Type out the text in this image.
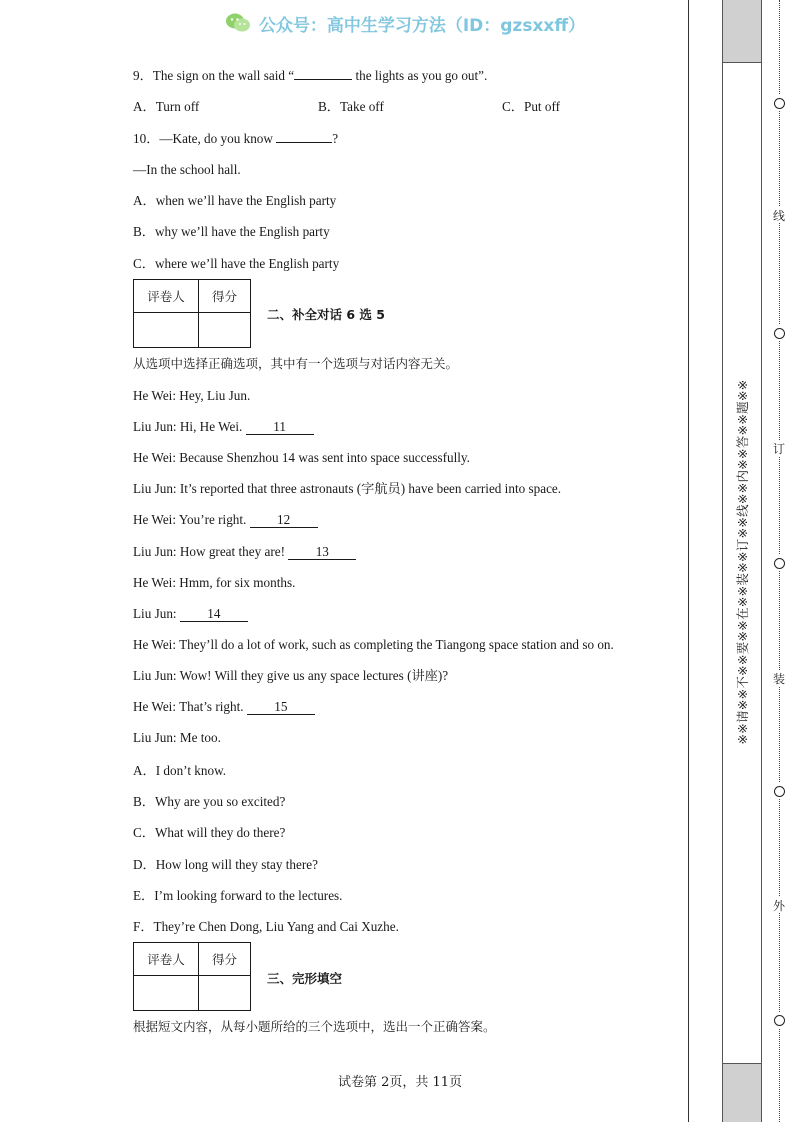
公众号：高中生学习方法（ID：gzsxxff）
9．The sign on the wall said “	the lights as you go out”.
A．Turn off	B．Take off	C．Put off
10．—Kate, do you know	?
—In the school hall.
A．when we’ll have the English party
B．why we’ll have the English party
C．where we’ll have the English party
评卷人	得分

二、补全对话 6 选 5
从选项中选择正确选项，其中有一个选项与对话内容无关。
He Wei: Hey, Liu Jun.
Liu Jun: Hi, He Wei. 11
He Wei: Because Shenzhou 14 was sent into space successfully.
Liu Jun: It’s reported that three astronauts (字航员) have been carried into space.
He Wei: You’re right. 12
Liu Jun: How great they are! 13
He Wei: Hmm, for six months.
Liu Jun: 14
He Wei: They’ll do a lot of work, such as completing the Tiangong space station and so on.
Liu Jun: Wow! Will they give us any space lectures (讲座)?
He Wei: That’s right. 15
Liu Jun: Me too.
A．I don’t know.
B．Why are you so excited?
C．What will they do there?
D．How long will they stay there?
E．I’m looking forward to the lectures.
F．They’re Chen Dong, Liu Yang and Cai Xuzhe.
评卷人	得分

三、完形填空
根据短文内容，从每小题所给的三个选项中，选出一个正确答案。
试卷第 2页，共 11页
※※请※※不※※要※※在※※装※※订※※线※※内※※答※※题※※
线
订
装
外
